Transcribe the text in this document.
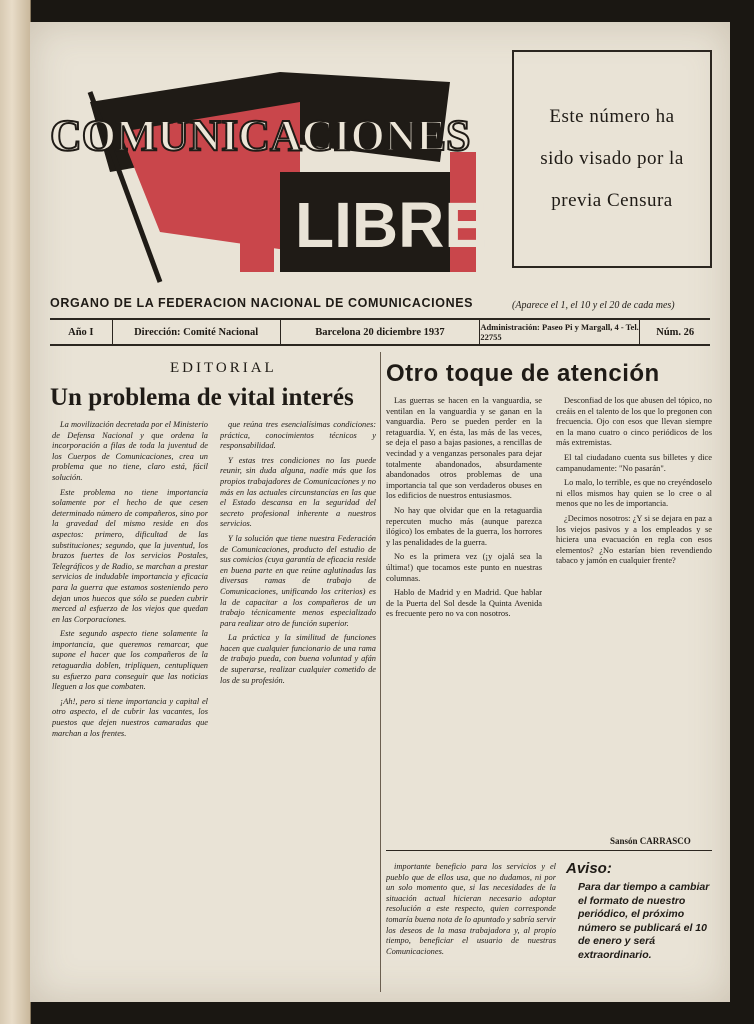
COMUNICACIONES
LIBRE
Este número ha
sido visado por la
previa Censura
ORGANO DE LA FEDERACION NACIONAL DE COMUNICACIONES	(Aparece el 1, el 10 y el 20 de cada mes)
Año I	Dirección: Comité Nacional	Barcelona 20 diciembre 1937	Administración: Paseo Pi y Margall, 4 - Tel. 22755	Núm. 26
EDITORIAL
Un problema de vital interés

La movilización decretada por el Ministerio de Defensa Nacional y que ordena la incorporación a filas de toda la juventud de los Cuerpos de Comunicaciones, crea un problema que no tiene, claro está, fácil solución.

Este problema no tiene importancia solamente por el hecho de que cesen determinado número de compañeros, sino por la gravedad del mismo reside en dos aspectos: primero, dificultad de las substituciones; segundo, que la juventud, los brazos fuertes de los servicios Postales, Telegráficos y de Radio, se marchan a prestar servicios de indudable importancia y eficacia para la guerra que estamos sosteniendo pero dejan unos huecos que sólo se pueden cubrir merced al esfuerzo de los viejos que quedan en las Corporaciones.

Este segundo aspecto tiene solamente la importancia, que queremos remarcar, que supone el hacer que los compañeros de la retaguardia doblen, tripliquen, centupliquen su esfuerzo para conseguir que las noticias lleguen a los que combaten.

¡Ah!, pero si tiene importancia y capital el otro aspecto, el de cubrir las vacantes, los puestos que dejen nuestros camaradas que marchan a los frentes.

que reúna tres esencialísimas condiciones: práctica, conocimientos técnicos y responsabilidad.

Y estas tres condiciones no las puede reunir, sin duda alguna, nadie más que los propios trabajadores de Comunicaciones y no más en las actuales circunstancias en las que el Estado descansa en la seguridad del secreto profesional inherente a nuestros servicios.

Y la solución que tiene nuestra Federación de Comunicaciones, producto del estudio de sus comicios (cuya garantía de eficacia reside en buena parte en que reúne aglutinadas las diversas ramas de trabajo de Comunicaciones, unificando los criterios) es la de capacitar a los compañeros de un trabajo técnicamente menos especializado para realizar otro de función superior.

La práctica y la similitud de funciones hacen que cualquier funcionario de una rama de trabajo pueda, con buena voluntad y afán de superarse, realizar cualquier cometido de los de su profesión.

Otro toque de atención

Las guerras se hacen en la vanguardia, se ventilan en la vanguardia y se ganan en la vanguardia. Pero se pueden perder en la retaguardia. Y, en ésta, las más de las veces, se deja el paso a bajas pasiones, a rencillas de vecindad y a venganzas personales para dejar totalmente abandonados, absurdamente abandonados otros problemas de una importancia tal que son verdaderos obuses en los edificios de nuestros entusiasmos.

No hay que olvidar que en la retaguardia repercuten mucho más (aunque parezca ilógico) los embates de la guerra, los horrores y las penalidades de la guerra.

No es la primera vez (¡y ojalá sea la última!) que tocamos este punto en nuestras columnas.

Hablo de Madrid y en Madrid. Que hablar de la Puerta del Sol desde la Quinta Avenida es frecuente pero no va con nosotros.

Desconfiad de los que abusen del tópico, no creáis en el talento de los que lo pregonen con frecuencia. Ojo con esos que llevan siempre en la mano cuatro o cinco periódicos de los más extremistas.

El tal ciudadano cuenta sus billetes y dice campanudamente: "No pasarán".

Lo malo, lo terrible, es que no creyéndoselo ni ellos mismos hay quien se lo cree o al menos que no les de importancia.

¿Decimos nosotros: ¿Y si se dejara en paz a los viejos pasivos y a los empleados y se hiciera una evacuación en regla con esos elementos? ¿No estarían bien revendiendo tabaco y jamón en cualquier frente?

Sansón CARRASCO

importante beneficio para los servicios y el pueblo que de ellos usa, que no dudamos, ni por un solo momento que, si las necesidades de la situación actual hicieran necesario adoptar resolución a este respecto, quien corresponde tomaría buena nota de lo apuntado y sabría servir los deseos de la masa trabajadora y, al propio tiempo, beneficiar el usuario de nuestras Comunicaciones.

Aviso:
Para dar tiempo a cambiar el formato de nuestro periódico, el próximo número se publicará el 10 de enero y será extraordinario.
